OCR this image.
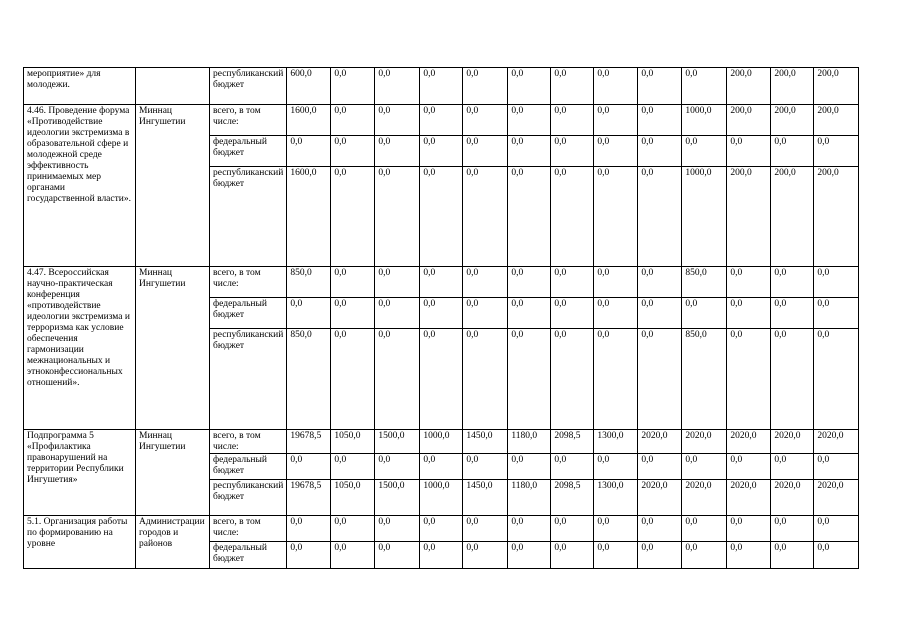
мероприятие» для молодежи.		республиканский бюджет	600,0	0,0	0,0	0,0	0,0	0,0	0,0	0,0	0,0	0,0	200,0	200,0	200,0
4.46. Проведение форума «Противодействие идеологии экстремизма в образовательной сфере и молодежной среде эффективность принимаемых мер органами государственной власти».	Миннац Ингушетии	всего, в том числе:	1600,0	0,0	0,0	0,0	0,0	0,0	0,0	0,0	0,0	1000,0	200,0	200,0	200,0
		федеральный бюджет	0,0	0,0	0,0	0,0	0,0	0,0	0,0	0,0	0,0	0,0	0,0	0,0	0,0
		республиканский бюджет	1600,0	0,0	0,0	0,0	0,0	0,0	0,0	0,0	0,0	1000,0	200,0	200,0	200,0
4.47. Всероссийская научно-практическая конференция «противодействие идеологии экстремизма и терроризма как условие обеспечения гармонизации межнациональных и этноконфессиональных отношений».	Миннац Ингушетии	всего, в том числе:	850,0	0,0	0,0	0,0	0,0	0,0	0,0	0,0	0,0	850,0	0,0	0,0	0,0
		федеральный бюджет	0,0	0,0	0,0	0,0	0,0	0,0	0,0	0,0	0,0	0,0	0,0	0,0	0,0
		республиканский бюджет	850,0	0,0	0,0	0,0	0,0	0,0	0,0	0,0	0,0	850,0	0,0	0,0	0,0
Подпрограмма 5 «Профилактика правонарушений на территории Республики Ингушетия»	Миннац Ингушетии	всего, в том числе:	19678,5	1050,0	1500,0	1000,0	1450,0	1180,0	2098,5	1300,0	2020,0	2020,0	2020,0	2020,0	2020,0
		федеральный бюджет	0,0	0,0	0,0	0,0	0,0	0,0	0,0	0,0	0,0	0,0	0,0	0,0	0,0
		республиканский бюджет	19678,5	1050,0	1500,0	1000,0	1450,0	1180,0	2098,5	1300,0	2020,0	2020,0	2020,0	2020,0	2020,0
5.1. Организация работы по формированию на уровне	Администрации городов и районов	всего, в том числе:	0,0	0,0	0,0	0,0	0,0	0,0	0,0	0,0	0,0	0,0	0,0	0,0	0,0
		федеральный бюджет	0,0	0,0	0,0	0,0	0,0	0,0	0,0	0,0	0,0	0,0	0,0	0,0	0,0
